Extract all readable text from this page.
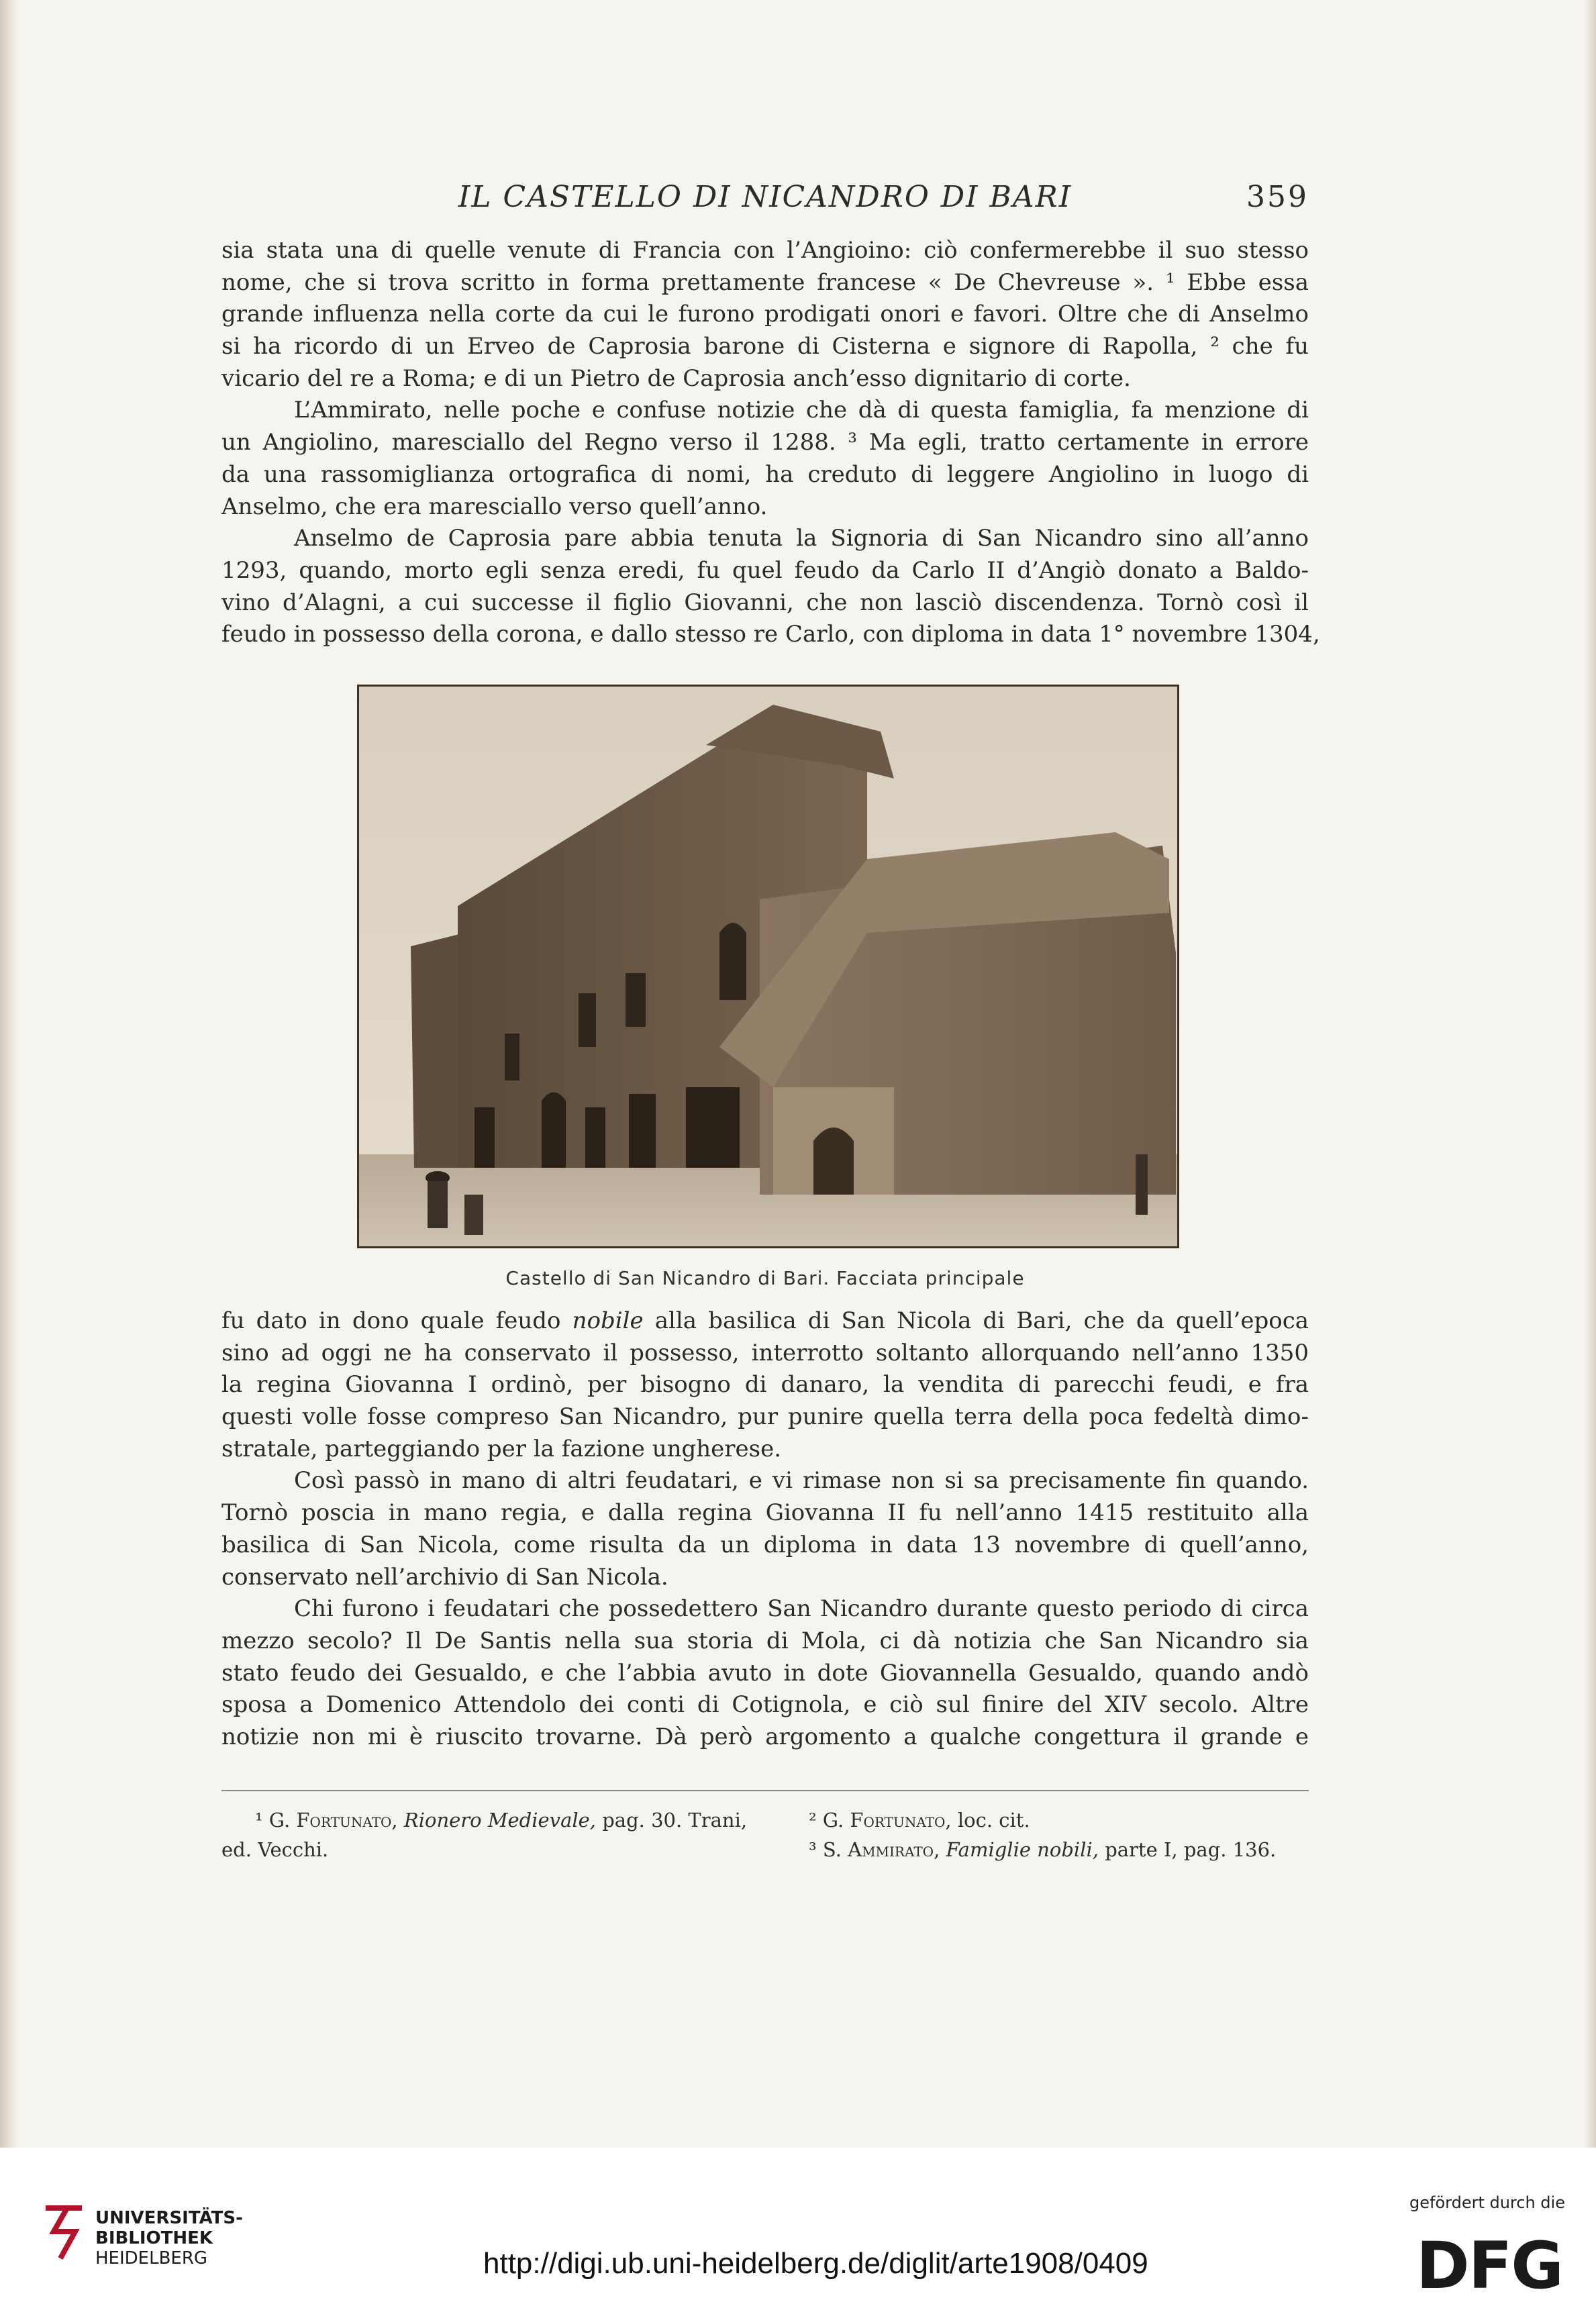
IL CASTELLO DI NICANDRO DI BARI	359
sia stata una di quelle venute di Francia con l’Angioino: ciò confermerebbe il suo stesso
nome, che si trova scritto in forma prettamente francese « De Chevreuse ». ¹ Ebbe essa
grande influenza nella corte da cui le furono prodigati onori e favori. Oltre che di Anselmo
si ha ricordo di un Erveo de Caprosia barone di Cisterna e signore di Rapolla, ² che fu
vicario del re a Roma; e di un Pietro de Caprosia anch’esso dignitario di corte.
L’Ammirato, nelle poche e confuse notizie che dà di questa famiglia, fa menzione di
un Angiolino, maresciallo del Regno verso il 1288. ³ Ma egli, tratto certamente in errore
da una rassomiglianza ortografica di nomi, ha creduto di leggere Angiolino in luogo di
Anselmo, che era maresciallo verso quell’anno.
Anselmo de Caprosia pare abbia tenuta la Signoria di San Nicandro sino all’anno
1293, quando, morto egli senza eredi, fu quel feudo da Carlo II d’Angiò donato a Baldo-
vino d’Alagni, a cui successe il figlio Giovanni, che non lasciò discendenza. Tornò così il
feudo in possesso della corona, e dallo stesso re Carlo, con diploma in data 1° novembre 1304,
Castello di San Nicandro di Bari. Facciata principale
fu dato in dono quale feudo nobile alla basilica di San Nicola di Bari, che da quell’epoca
sino ad oggi ne ha conservato il possesso, interrotto soltanto allorquando nell’anno 1350
la regina Giovanna I ordinò, per bisogno di danaro, la vendita di parecchi feudi, e fra
questi volle fosse compreso San Nicandro, pur punire quella terra della poca fedeltà dimo-
stratale, parteggiando per la fazione ungherese.
Così passò in mano di altri feudatari, e vi rimase non si sa precisamente fin quando.
Tornò poscia in mano regia, e dalla regina Giovanna II fu nell’anno 1415 restituito alla
basilica di San Nicola, come risulta da un diploma in data 13 novembre di quell’anno,
conservato nell’archivio di San Nicola.
Chi furono i feudatari che possedettero San Nicandro durante questo periodo di circa
mezzo secolo? Il De Santis nella sua storia di Mola, ci dà notizia che San Nicandro sia
stato feudo dei Gesualdo, e che l’abbia avuto in dote Giovannella Gesualdo, quando andò
sposa a Domenico Attendolo dei conti di Cotignola, e ciò sul finire del XIV secolo. Altre
notizie non mi è riuscito trovarne. Dà però argomento a qualche congettura il grande e
¹ G. Fortunato, Rionero Medievale, pag. 30. Trani,
ed. Vecchi.
² G. Fortunato, loc. cit.
³ S. Ammirato, Famiglie nobili, parte I, pag. 136.
UNIVERSITÄTS-
BIBLIOTHEK
HEIDELBERG	http://digi.ub.uni-heidelberg.de/diglit/arte1908/0409
gefördert durch die
DFG
